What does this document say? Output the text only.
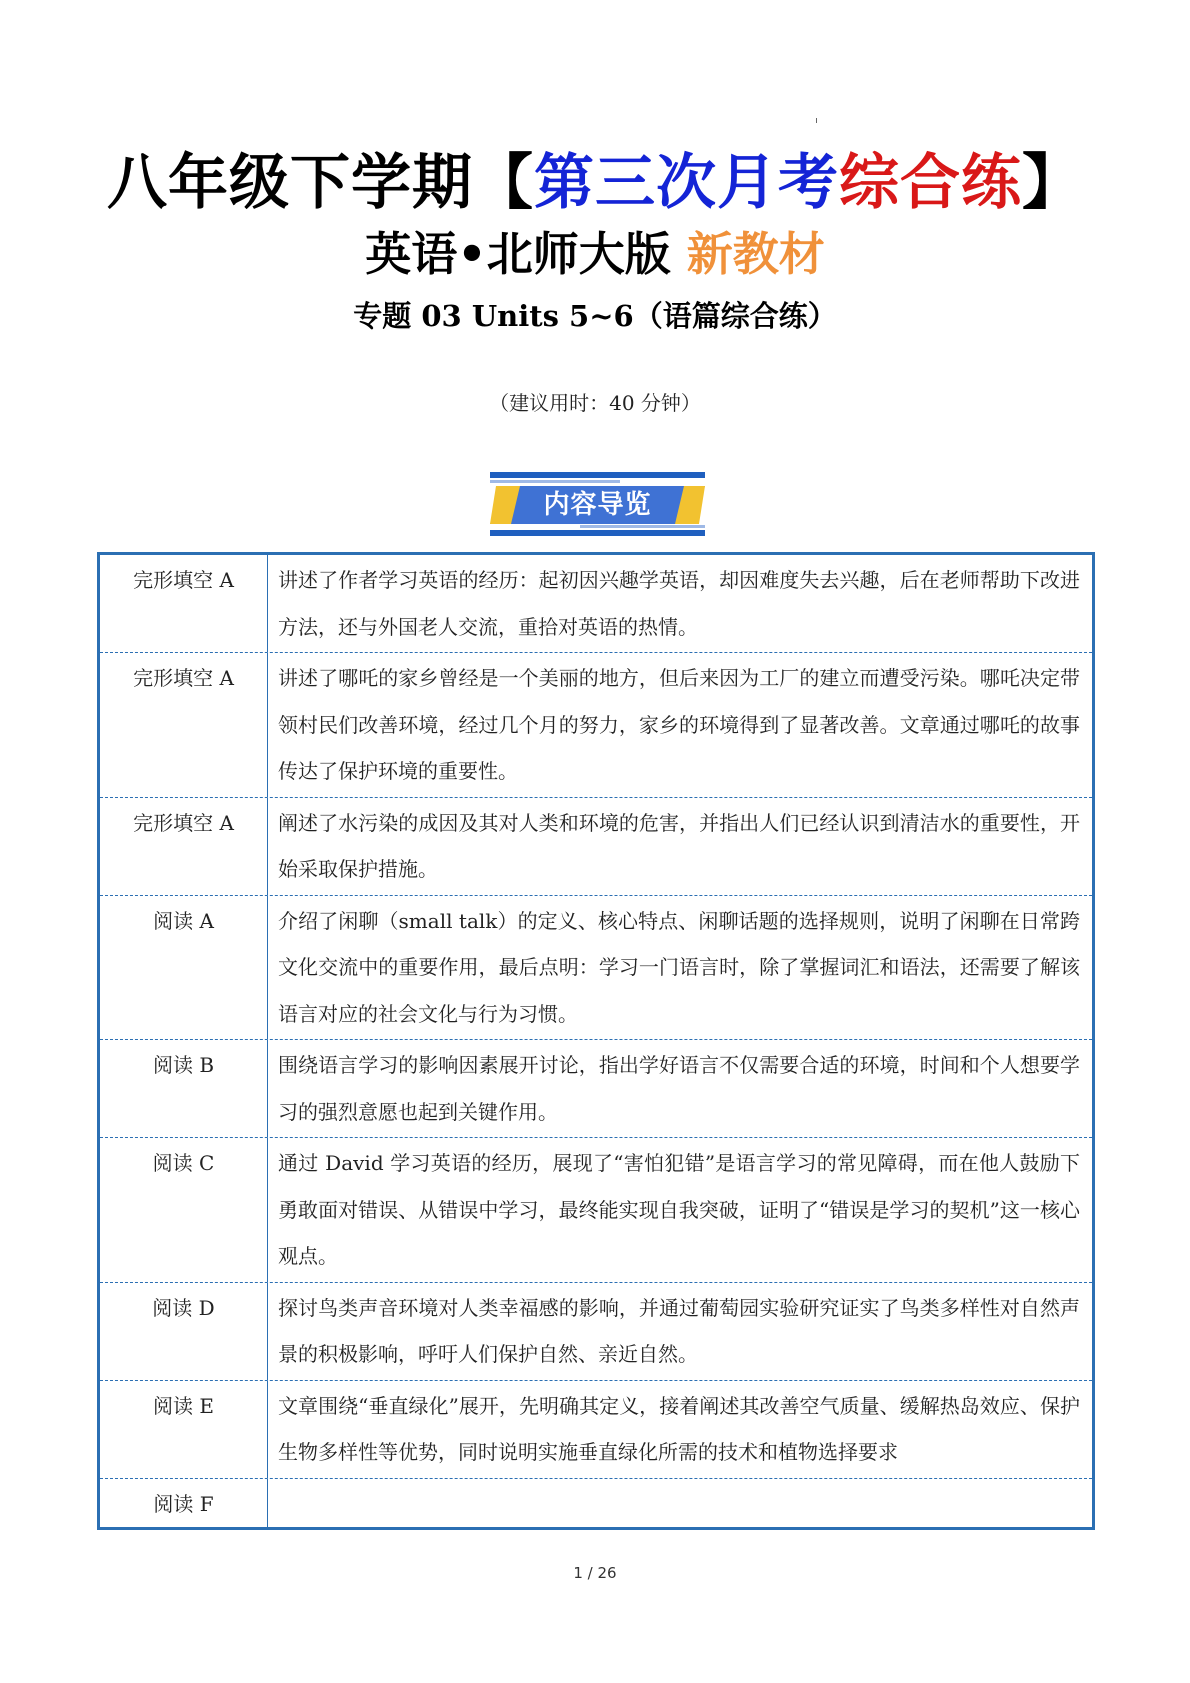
八年级下学期【第三次月考综合练】
英语•北师大版 新教材
专题 03 Units 5~6（语篇综合练）
（建议用时：40 分钟）
内容导览
完形填空 A	讲述了作者学习英语的经历：起初因兴趣学英语，却因难度失去兴趣，后在老师帮助下改进方法，还与外国老人交流，重拾对英语的热情。
完形填空 A	讲述了哪吒的家乡曾经是一个美丽的地方，但后来因为工厂的建立而遭受污染。哪吒决定带领村民们改善环境，经过几个月的努力，家乡的环境得到了显著改善。文章通过哪吒的故事传达了保护环境的重要性。
完形填空 A	阐述了水污染的成因及其对人类和环境的危害，并指出人们已经认识到清洁水的重要性，开始采取保护措施。
阅读 A	介绍了闲聊（small talk）的定义、核心特点、闲聊话题的选择规则，说明了闲聊在日常跨文化交流中的重要作用，最后点明：学习一门语言时，除了掌握词汇和语法，还需要了解该语言对应的社会文化与行为习惯。
阅读 B	围绕语言学习的影响因素展开讨论，指出学好语言不仅需要合适的环境，时间和个人想要学习的强烈意愿也起到关键作用。
阅读 C	通过 David 学习英语的经历，展现了“害怕犯错”是语言学习的常见障碍，而在他人鼓励下勇敢面对错误、从错误中学习，最终能实现自我突破，证明了“错误是学习的契机”这一核心观点。
阅读 D	探讨鸟类声音环境对人类幸福感的影响，并通过葡萄园实验研究证实了鸟类多样性对自然声景的积极影响，呼吁人们保护自然、亲近自然。
阅读 E	文章围绕“垂直绿化”展开，先明确其定义，接着阐述其改善空气质量、缓解热岛效应、保护生物多样性等优势，同时说明实施垂直绿化所需的技术和植物选择要求
阅读 F
1 / 26
